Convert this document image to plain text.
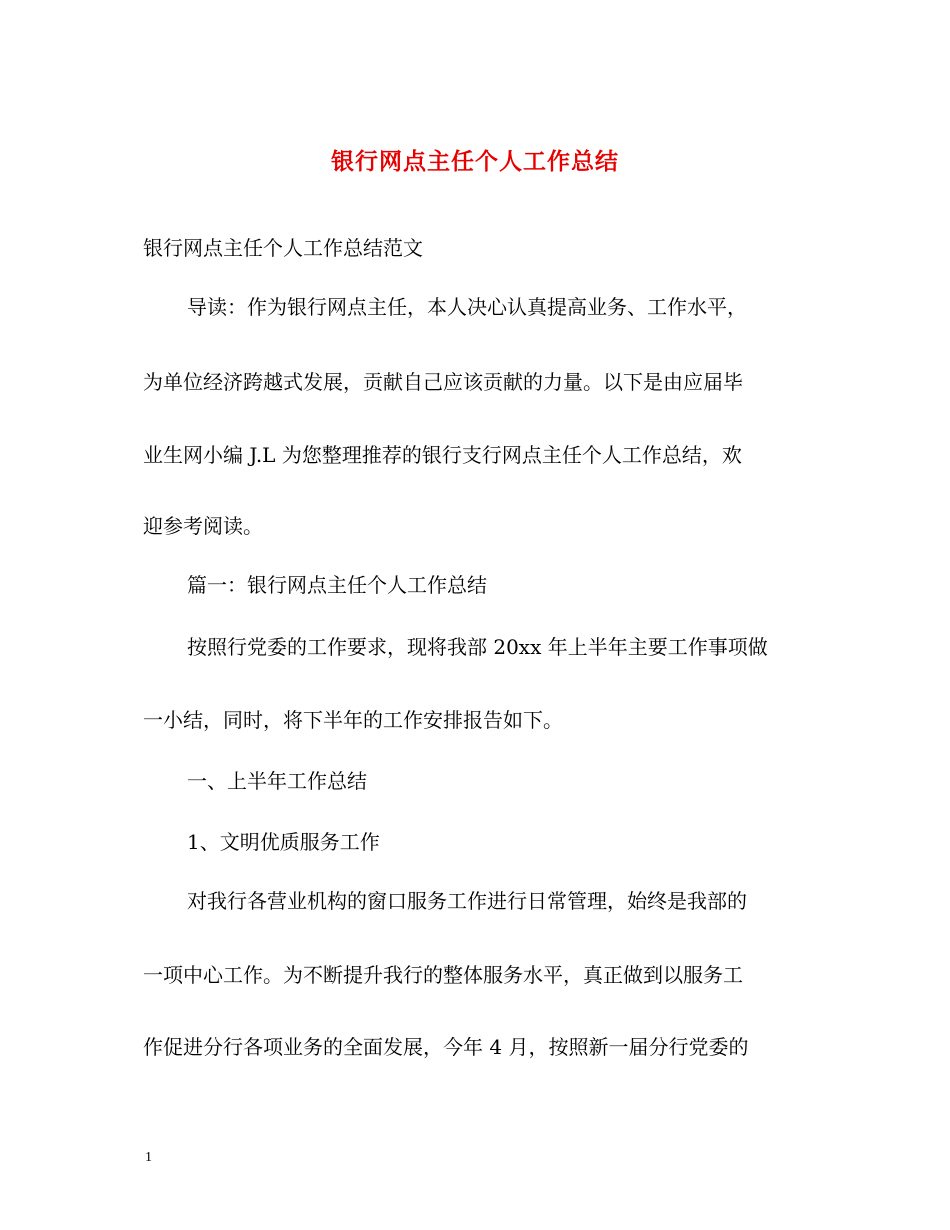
银行网点主任个人工作总结
银行网点主任个人工作总结范文
导读：作为银行网点主任，本人决心认真提高业务、工作水平，
为单位经济跨越式发展，贡献自己应该贡献的力量。以下是由应届毕
业生网小编 J.L 为您整理推荐的银行支行网点主任个人工作总结，欢
迎参考阅读。
篇一：银行网点主任个人工作总结
按照行党委的工作要求，现将我部 20xx 年上半年主要工作事项做
一小结，同时，将下半年的工作安排报告如下。
一、上半年工作总结
1、文明优质服务工作
对我行各营业机构的窗口服务工作进行日常管理，始终是我部的
一项中心工作。为不断提升我行的整体服务水平，真正做到以服务工
作促进分行各项业务的全面发展，今年 4 月，按照新一届分行党委的
1
